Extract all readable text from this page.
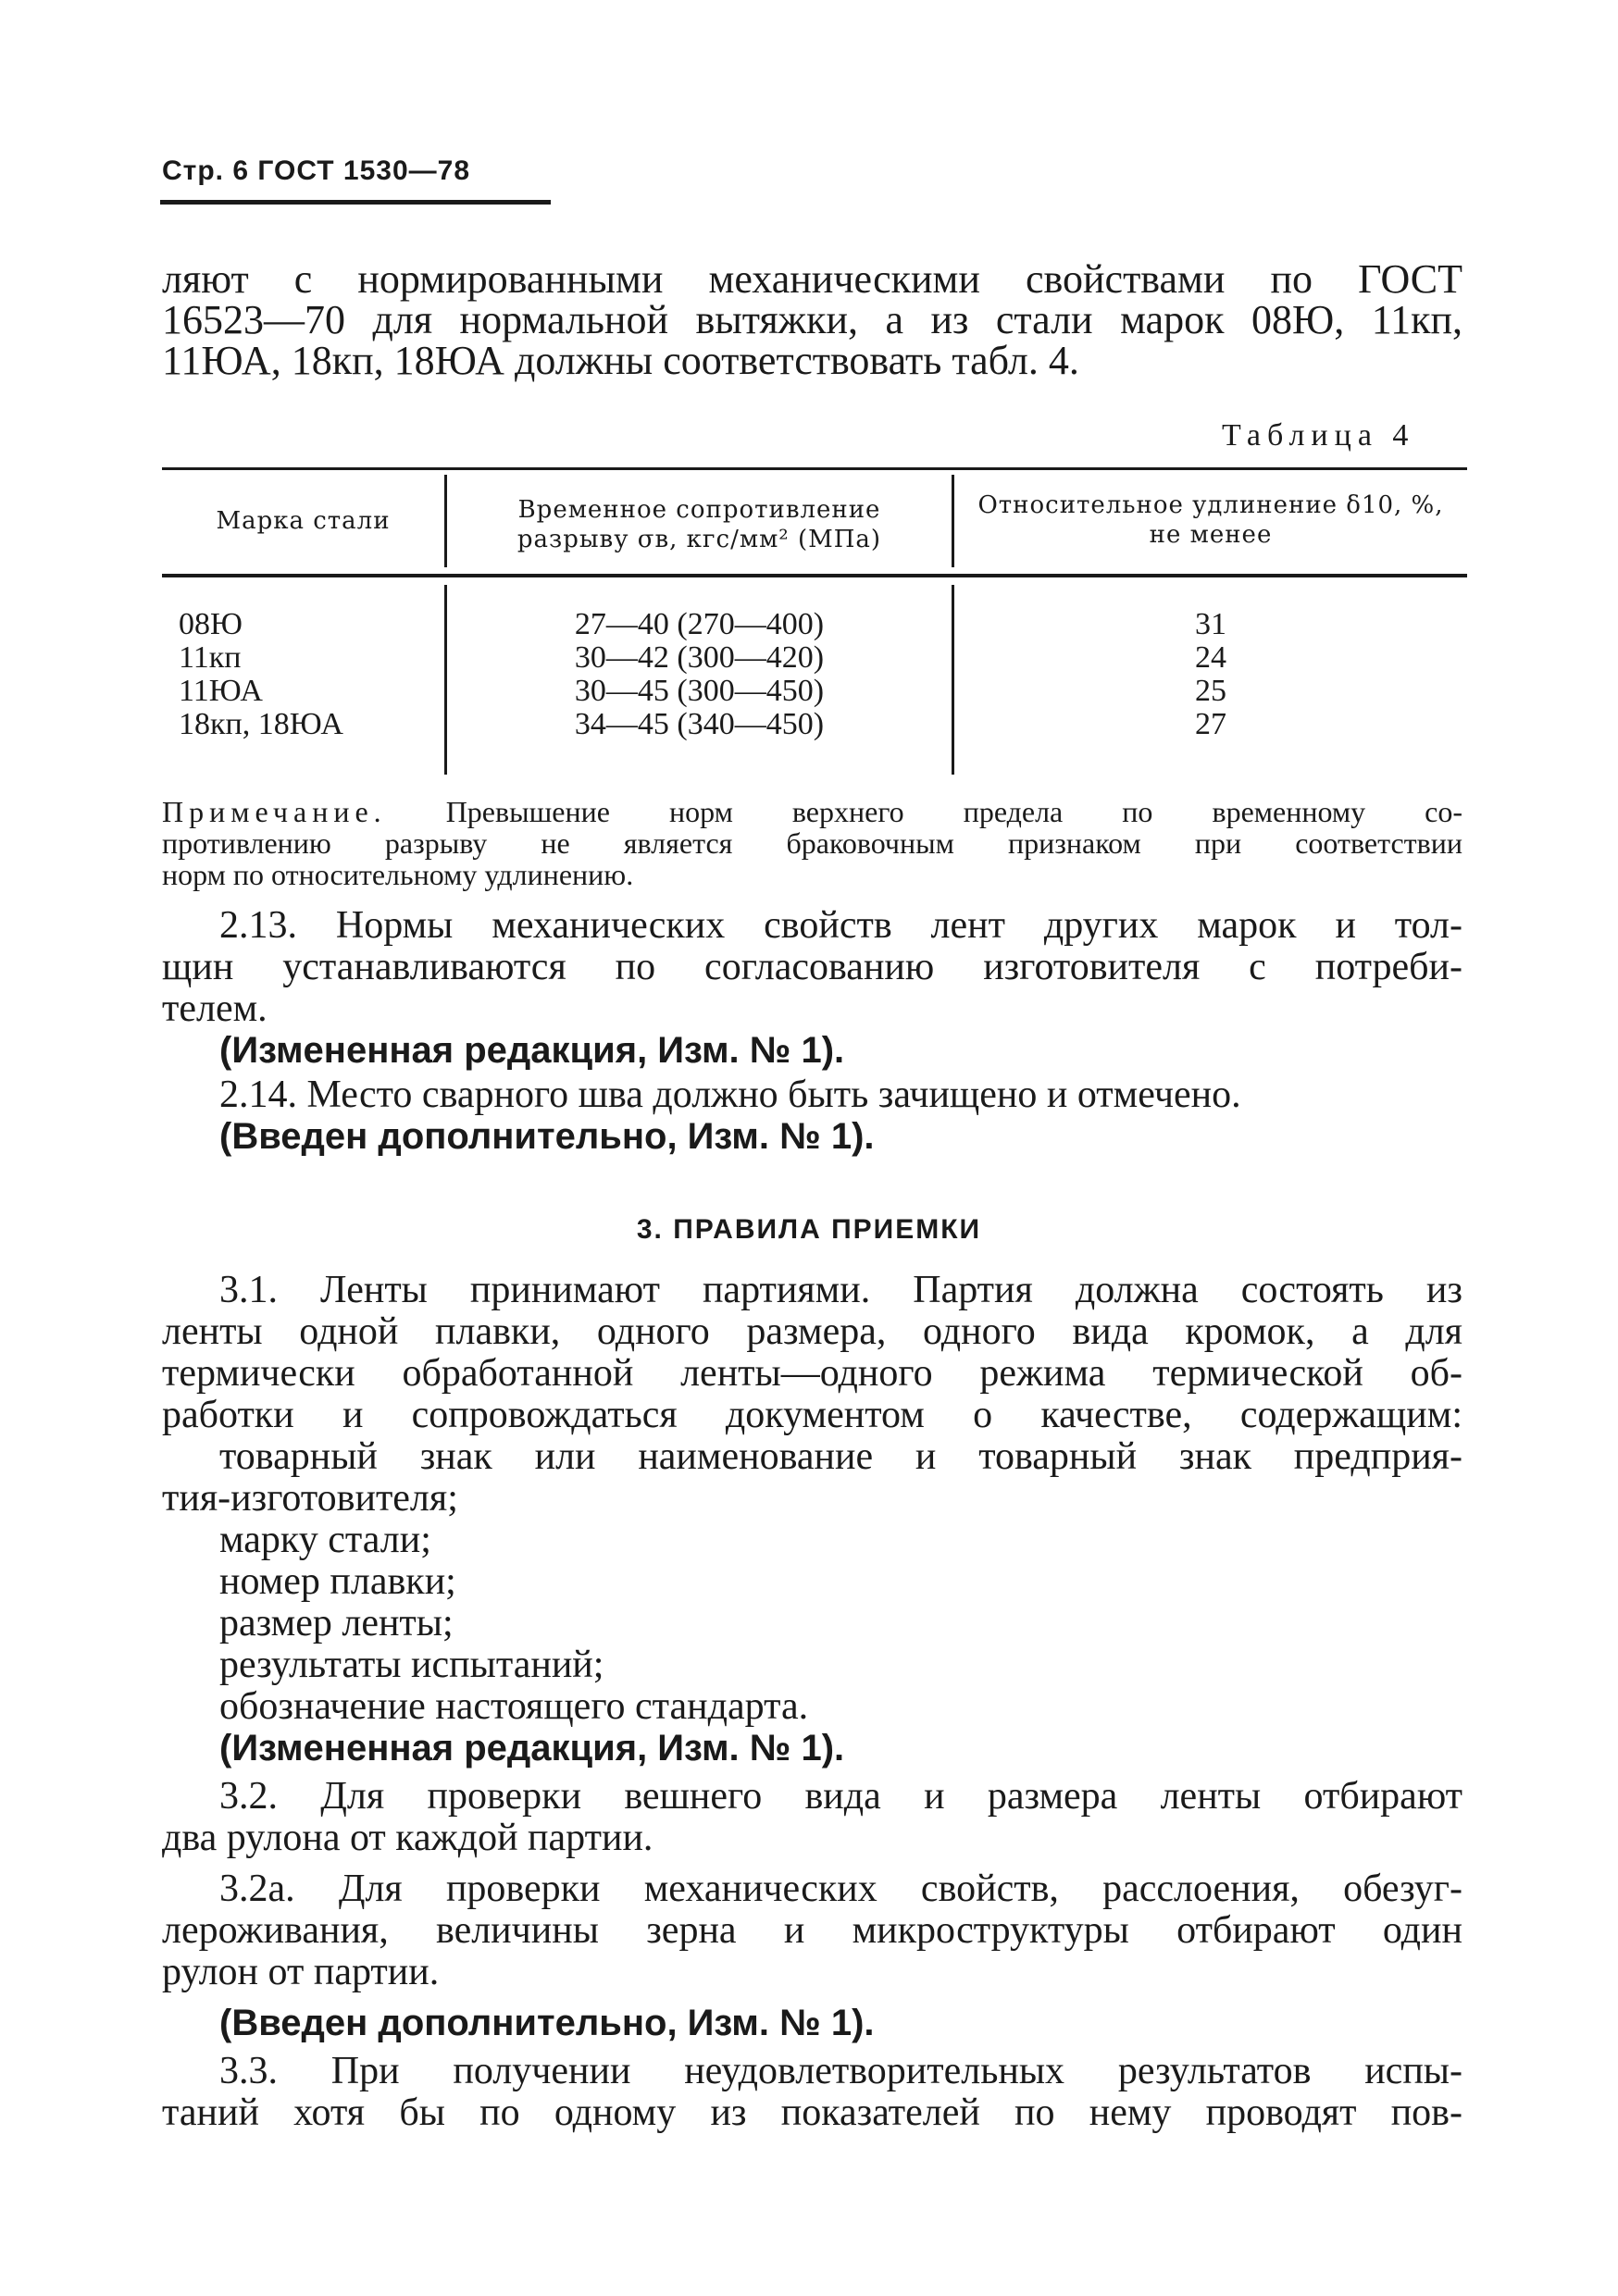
Стр. 6 ГОСТ 1530—78
ляют с нормированными механическими свойствами по ГОСТ
16523—70 для нормальной вытяжки, а из стали марок 08Ю, 11кп,
11ЮА, 18кп, 18ЮА должны соответствовать табл. 4.
Таблица 4
Марка стали	Временное сопротивление
разрыву σв, кгс/мм² (МПа)
Относительное удлинение δ10, %,
не менее
08Ю
11кп
11ЮА
18кп, 18ЮА
27—40 (270—400)
30—42 (300—420)
30—45 (300—450)
34—45 (340—450)
31
24
25
27
Примечание. Превышение норм верхнего предела по временному со-
противлению разрыву не является браковочным признаком при соответствии
норм по относительному удлинению.
2.13. Нормы механических свойств лент других марок и тол-
щин устанавливаются по согласованию изготовителя с потреби-
телем.
(Измененная редакция, Изм. № 1).
2.14. Место сварного шва должно быть зачищено и отмечено.
(Введен дополнительно, Изм. № 1).
3. ПРАВИЛА ПРИЕМКИ
3.1. Ленты принимают партиями. Партия должна состоять из
ленты одной плавки, одного размера, одного вида кромок, а для
термически обработанной ленты—одного режима термической об-
работки и сопровождаться документом о качестве, содержащим:
товарный знак или наименование и товарный знак предприя-
тия-изготовителя;
марку стали;
номер плавки;
размер ленты;
результаты испытаний;
обозначение настоящего стандарта.
(Измененная редакция, Изм. № 1).
3.2. Для проверки вешнего вида и размера ленты отбирают
два рулона от каждой партии.
3.2а. Для проверки механических свойств, расслоения, обезуг-
лероживания, величины зерна и микроструктуры отбирают один
рулон от партии.
(Введен дополнительно, Изм. № 1).
3.3. При получении неудовлетворительных результатов испы-
таний хотя бы по одному из показателей по нему проводят пов-
